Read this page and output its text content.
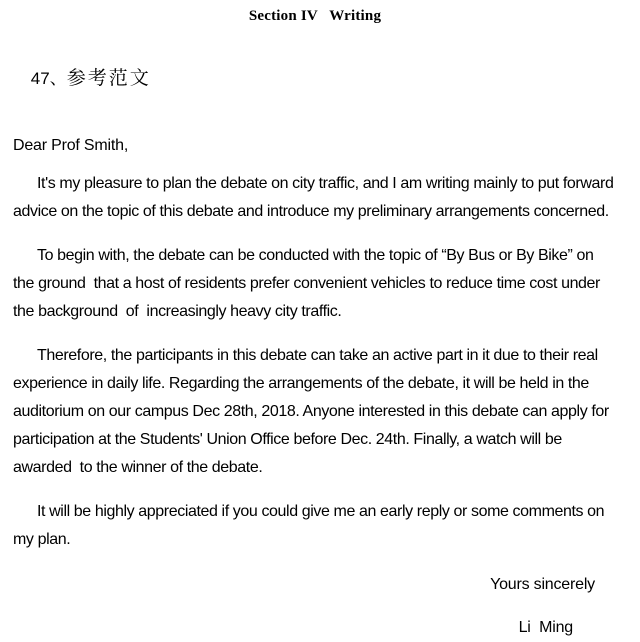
Section IV   Writing

47、参考范文

Dear Prof Smith,

It's my pleasure to plan the debate on city traffic, and I am writing mainly to put forward advice on the topic of this debate and introduce my preliminary arrangements concerned.

To begin with, the debate can be conducted with the topic of “By Bus or By Bike” on the ground  that a host of residents prefer convenient vehicles to reduce time cost under the background  of  increasingly heavy city traffic.

Therefore, the participants in this debate can take an active part in it due to their real experience in daily life. Regarding the arrangements of the debate, it will be held in the auditorium on our campus Dec 28th, 2018. Anyone interested in this debate can apply for participation at the Students' Union Office before Dec. 24th. Finally, a watch will be awarded  to the winner of the debate.

It will be highly appreciated if you could give me an early reply or some comments on my plan.

Yours sincerely
Li  Ming
